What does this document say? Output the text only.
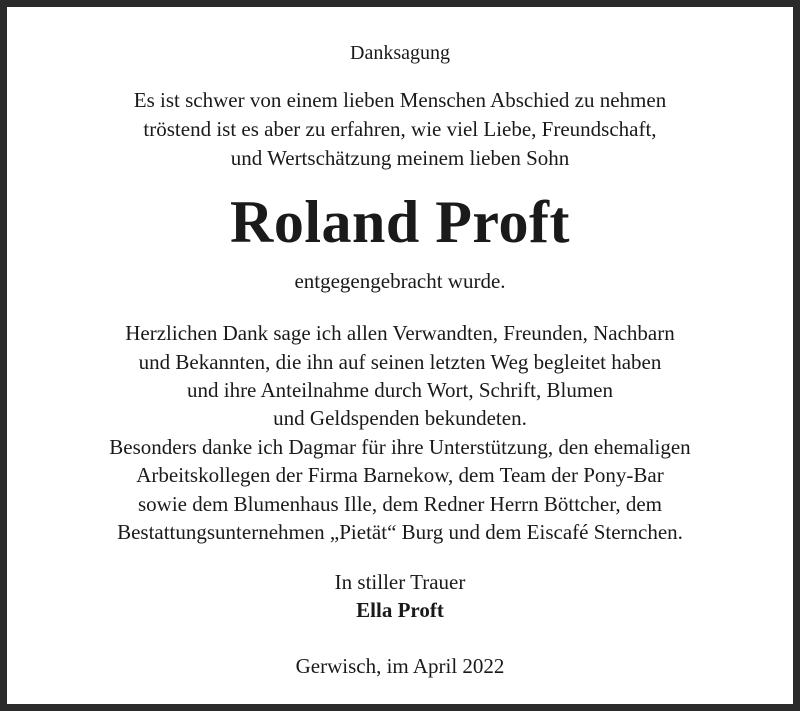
Danksagung
Es ist schwer von einem lieben Menschen Abschied zu nehmen
tröstend ist es aber zu erfahren, wie viel Liebe, Freundschaft,
und Wertschätzung meinem lieben Sohn
Roland Proft
entgegengebracht wurde.
Herzlichen Dank sage ich allen Verwandten, Freunden, Nachbarn
und Bekannten, die ihn auf seinen letzten Weg begleitet haben
und ihre Anteilnahme durch Wort, Schrift, Blumen
und Geldspenden bekundeten.
Besonders danke ich Dagmar für ihre Unterstützung, den ehemaligen
Arbeitskollegen der Firma Barnekow, dem Team der Pony-Bar
sowie dem Blumenhaus Ille, dem Redner Herrn Böttcher, dem
Bestattungsunternehmen „Pietät“ Burg und dem Eiscafé Sternchen.
In stiller Trauer
Ella Proft
Gerwisch, im April 2022
